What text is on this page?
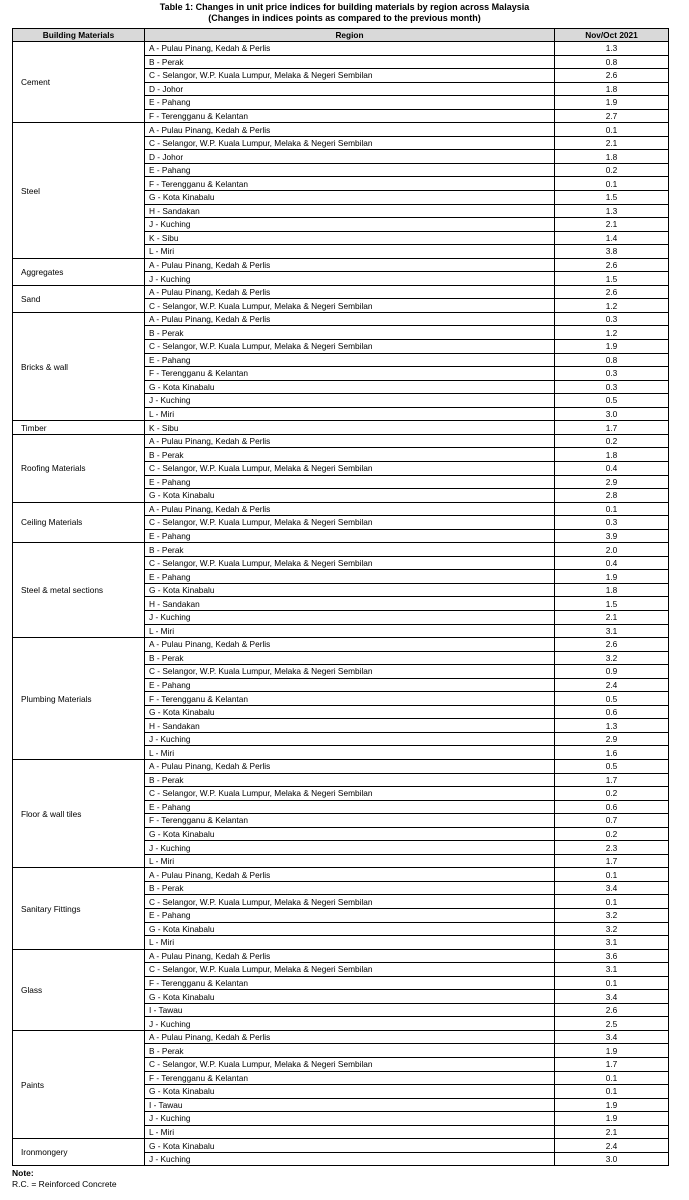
Table 1: Changes in unit price indices for building materials by region across Malaysia
(Changes in indices points as compared to the previous month)
Building Materials	Region	Nov/Oct 2021
Cement	A - Pulau Pinang, Kedah & Perlis	1.3
	B - Perak	0.8
	C - Selangor, W.P. Kuala Lumpur, Melaka & Negeri Sembilan	2.6
	D - Johor	1.8
	E - Pahang	1.9
	F - Terengganu & Kelantan	2.7
Steel	A - Pulau Pinang, Kedah & Perlis	0.1
	C - Selangor, W.P. Kuala Lumpur, Melaka & Negeri Sembilan	2.1
	D - Johor	1.8
	E - Pahang	0.2
	F - Terengganu & Kelantan	0.1
	G - Kota Kinabalu	1.5
	H - Sandakan	1.3
	J - Kuching	2.1
	K - Sibu	1.4
	L - Miri	3.8
Aggregates	A - Pulau Pinang, Kedah & Perlis	2.6
	J - Kuching	1.5
Sand	A - Pulau Pinang, Kedah & Perlis	2.6
	C - Selangor, W.P. Kuala Lumpur, Melaka & Negeri Sembilan	1.2
Bricks & wall	A - Pulau Pinang, Kedah & Perlis	0.3
	B - Perak	1.2
	C - Selangor, W.P. Kuala Lumpur, Melaka & Negeri Sembilan	1.9
	E - Pahang	0.8
	F - Terengganu & Kelantan	0.3
	G - Kota Kinabalu	0.3
	J - Kuching	0.5
	L - Miri	3.0
Timber	K - Sibu	1.7
Roofing Materials	A - Pulau Pinang, Kedah & Perlis	0.2
	B - Perak	1.8
	C - Selangor, W.P. Kuala Lumpur, Melaka & Negeri Sembilan	0.4
	E - Pahang	2.9
	G - Kota Kinabalu	2.8
Ceiling Materials	A - Pulau Pinang, Kedah & Perlis	0.1
	C - Selangor, W.P. Kuala Lumpur, Melaka & Negeri Sembilan	0.3
	E - Pahang	3.9
Steel & metal sections	B - Perak	2.0
	C - Selangor, W.P. Kuala Lumpur, Melaka & Negeri Sembilan	0.4
	E - Pahang	1.9
	G - Kota Kinabalu	1.8
	H - Sandakan	1.5
	J - Kuching	2.1
	L - Miri	3.1
Plumbing Materials	A - Pulau Pinang, Kedah & Perlis	2.6
	B - Perak	3.2
	C - Selangor, W.P. Kuala Lumpur, Melaka & Negeri Sembilan	0.9
	E - Pahang	2.4
	F - Terengganu & Kelantan	0.5
	G - Kota Kinabalu	0.6
	H - Sandakan	1.3
	J - Kuching	2.9
	L - Miri	1.6
Floor & wall tiles	A - Pulau Pinang, Kedah & Perlis	0.5
	B - Perak	1.7
	C - Selangor, W.P. Kuala Lumpur, Melaka & Negeri Sembilan	0.2
	E - Pahang	0.6
	F - Terengganu & Kelantan	0.7
	G - Kota Kinabalu	0.2
	J - Kuching	2.3
	L - Miri	1.7
Sanitary Fittings	A - Pulau Pinang, Kedah & Perlis	0.1
	B - Perak	3.4
	C - Selangor, W.P. Kuala Lumpur, Melaka & Negeri Sembilan	0.1
	E - Pahang	3.2
	G - Kota Kinabalu	3.2
	L - Miri	3.1
Glass	A - Pulau Pinang, Kedah & Perlis	3.6
	C - Selangor, W.P. Kuala Lumpur, Melaka & Negeri Sembilan	3.1
	F - Terengganu & Kelantan	0.1
	G - Kota Kinabalu	3.4
	I - Tawau	2.6
	J - Kuching	2.5
Paints	A - Pulau Pinang, Kedah & Perlis	3.4
	B - Perak	1.9
	C - Selangor, W.P. Kuala Lumpur, Melaka & Negeri Sembilan	1.7
	F - Terengganu & Kelantan	0.1
	G - Kota Kinabalu	0.1
	I - Tawau	1.9
	J - Kuching	1.9
	L - Miri	2.1
Ironmongery	G - Kota Kinabalu	2.4
	J - Kuching	3.0
Note:
R.C. = Reinforced Concrete
